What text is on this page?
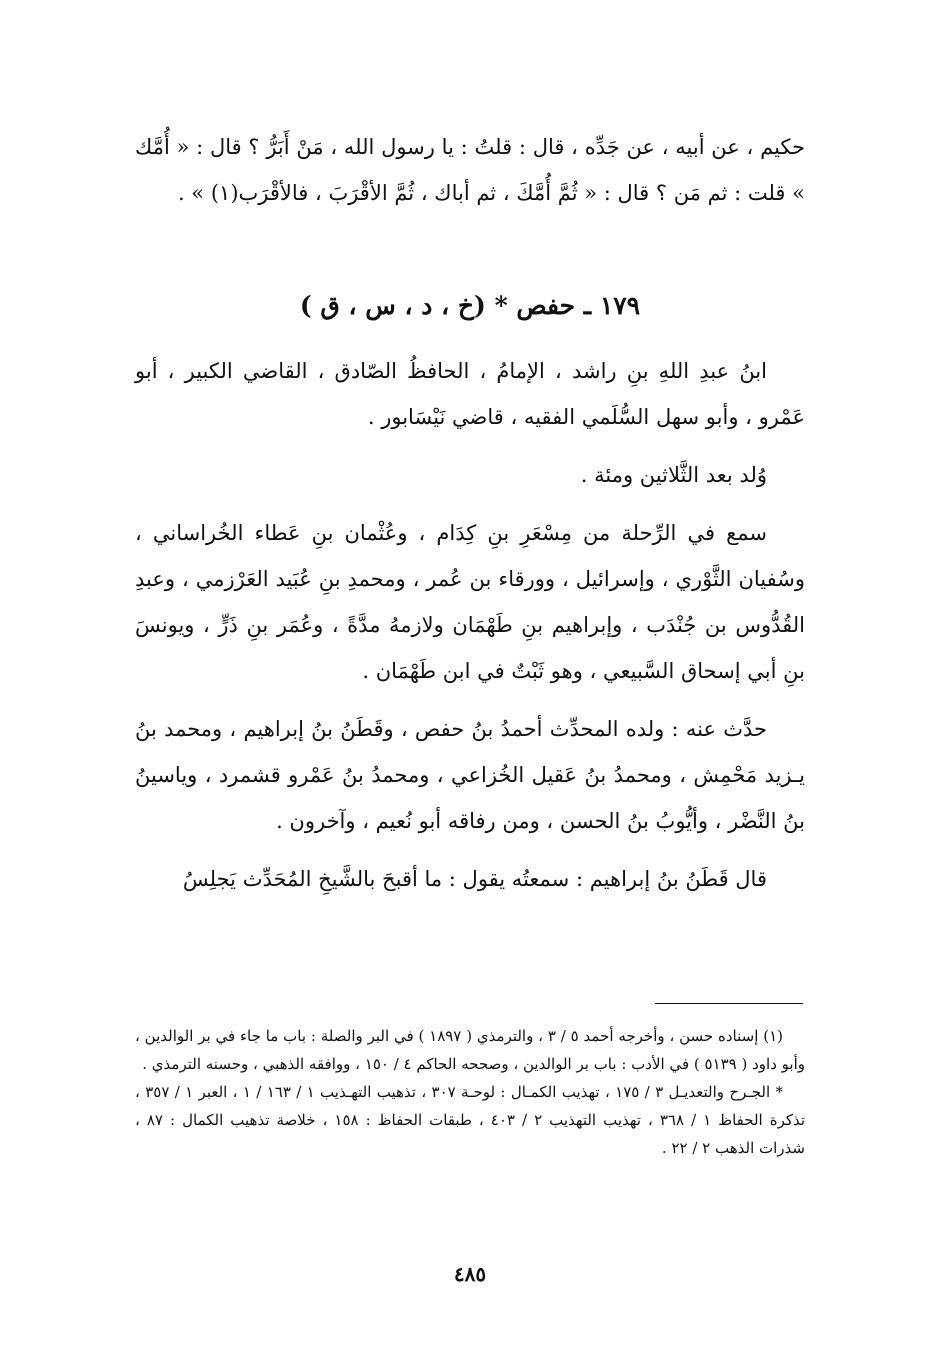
حكيم ، عن أبيه ، عن جَدِّه ، قال : قلتُ : يا رسول الله ، مَنْ أَبَرُّ ؟ قال : « أُمَّك » قلت : ثم مَن ؟ قال : « ثُمَّ أُمَّكَ ، ثم أباك ، ثُمَّ الأقْرَبَ ، فالأقْرَب(١) » .

١٧٩ ـ حفص * (خ ، د ، س ، ق )

ابنُ عبدِ اللهِ بنِ راشد ، الإمامُ ، الحافظُ الصّادق ، القاضي الكبير ، أبو عَمْرو ، وأبو سهل السُّلَمي الفقيه ، قاضي نَيْسَابور .

وُلد بعد الثَّلاثين ومئة .

سمع في الرِّحلة من مِسْعَرِ بنِ كِدَام ، وعُثْمان بنِ عَطاء الخُراساني ، وسُفيان الثَّوْري ، وإسرائيل ، وورقاء بن عُمر ، ومحمدِ بنِ عُبَيد العَرْزمي ، وعبدِ القُدُّوس بن جُنْدَب ، وإبراهيم بنِ طَهْمَان ولازمهُ مدَّةً ، وعُمَر بنِ ذَرٍّ ، ويونسَ بنِ أبي إسحاق السَّبيعي ، وهو ثَبْتٌ في ابن طَهْمَان .

حدَّث عنه : ولده المحدِّث أحمدُ بنُ حفص ، وقَطَنُ بنُ إبراهيم ، ومحمد بنُ يـزيد مَحْمِش ، ومحمدُ بنُ عَقيل الخُزاعي ، ومحمدُ بنُ عَمْرو قشمرد ، وياسينُ بنُ النَّضْر ، وأيُّوبُ بنُ الحسن ، ومن رفاقه أبو نُعيم ، وآخرون .

قال قَطَنُ بنُ إبراهيم : سمعتُه يقول : ما أقبحَ بالشَّيخِ المُحَدِّث يَجلِسُ

(١) إسناده حسن ، وأخرجه أحمد ٥ / ٣ ، والترمذي ( ١٨٩٧ ) في البر والصلة : باب ما جاء في بر الوالدين ، وأبو داود ( ٥١٣٩ ) في الأدب : باب بر الوالدين ، وصححه الحاكم ٤ / ١٥٠ ، ووافقه الذهبي ، وحسنه الترمذي .

* الجـرح والتعديـل ٣ / ١٧٥ ، تهذيب الكمـال : لوحـة ٣٠٧ ، تذهيب التهـذيب ١ / ١٦٣ / ١ ، العبر ١ / ٣٥٧ ، تذكرة الحفاظ ١ / ٣٦٨ ، تهذيب التهذيب ٢ / ٤٠٣ ، طبقات الحفاظ : ١٥٨ ، خلاصة تذهيب الكمال : ٨٧ ، شذرات الذهب ٢ / ٢٢ .

٤٨٥
